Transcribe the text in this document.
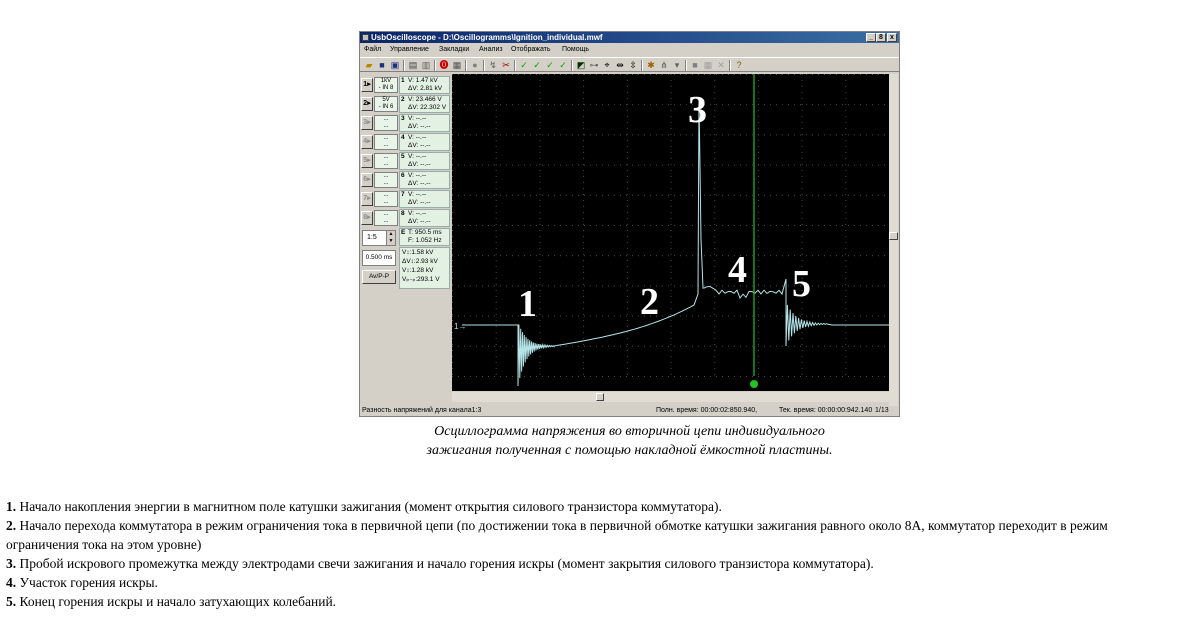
UsbOscilloscope - D:\Oscillogramms\Ignition_individual.mwf	_ 8	x
Файл Управление Закладки Анализ Отображать Помощь
▰ ■ ▣ ▤ ▥ ⓿ ▦ ● ↯ ✂ ✓ ✓ ✓ ✓ ◩ ⊶ ⌖ ⇹ ⇳ ✱ ⋔ ▾	■ ▦ ✕ ?
1▸	1kV
- IN 8
1 V: 1.47 kV
ΔV: 2.81 kV
2▸	5V
- IN 6
2 V: 23.466 V
ΔV: 22.302 V
3▸	...
...
3 V: --.--
ΔV: --.--
4▸	...
...
4 V: --.--
ΔV: --.--
5▸	...
...
5 V: --.--
ΔV: --.--
6▸	...
...
6 V: --.--
ΔV: --.--
7▸	...
...
7 V: --.--
ΔV: --.--
8▸	...
...
8 V: --.--
ΔV: --.--
E T: 950.5 ms
F: 1.052 Hz
1:5	▲
▼
0.500 ms
Av/P-P
V↕:1.58 kV
ΔV↕:2.93 kV
V↕:1.28 kV
Vₚ₋ₚ:293.1 V
1→
1	2
3
4 5
Разность напряжений для канала1:3	Полн. время: 00:00:02:850.940,	Тек. время: 00:00:00:942.140 1/13
Осциллограмма напряжения во вторичной цепи индивидуального
зажигания полученная с помощью накладной ёмкостной пластины.

1. Начало накопления энергии в магнитном поле катушки зажигания (момент открытия силового транзистора коммутатора).

2. Начало перехода коммутатора в режим ограничения тока в первичной цепи (по достижении тока в первичной обмотке катушки зажигания равного около 8А, коммутатор переходит в режим ограничения тока на этом уровне)

3. Пробой искрового промежутка между электродами свечи зажигания и начало горения искры (момент закрытия силового транзистора коммутатора).

4. Участок горения искры.

5. Конец горения искры и начало затухающих колебаний.
